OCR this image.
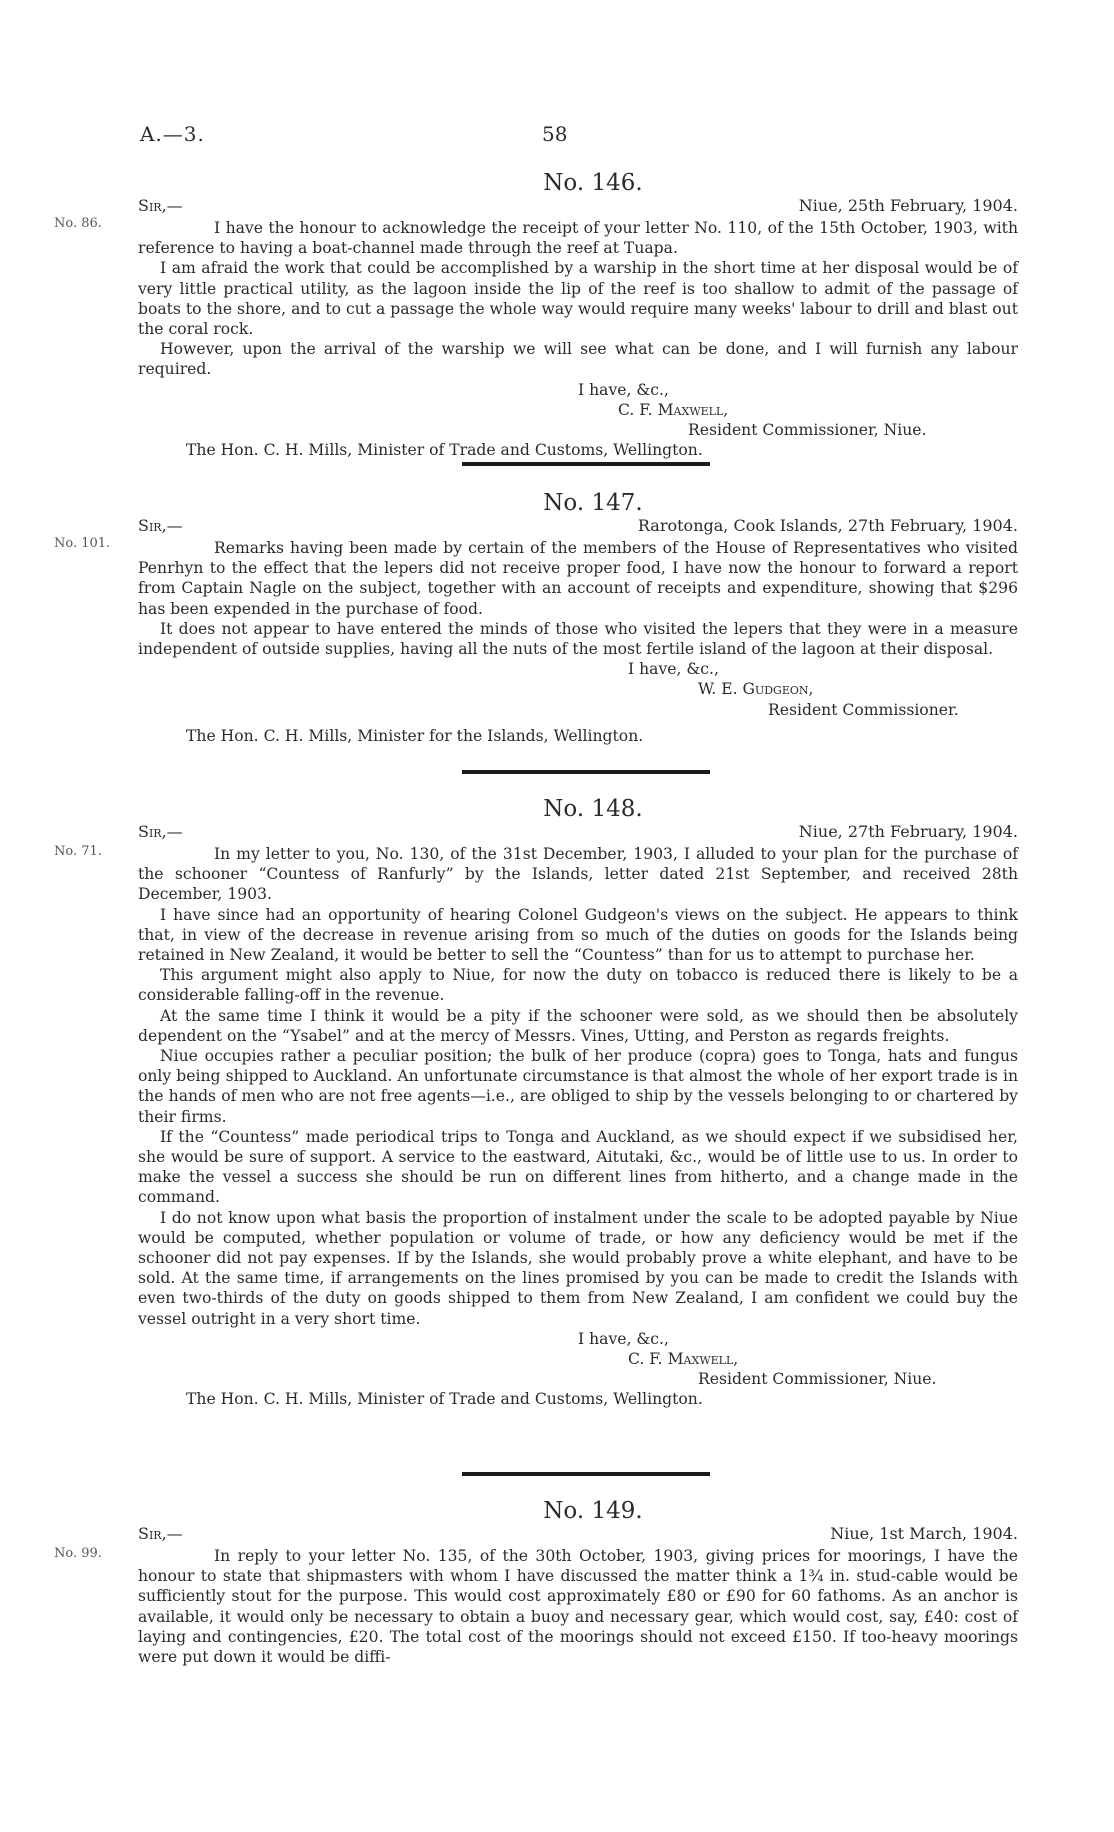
A.—3.	58
No. 146.
Sir,—	Niue, 25th February, 1904.
No. 86.	I have the honour to acknowledge the receipt of your letter No. 110, of the 15th October, 1903, with reference to having a boat-channel made through the reef at Tuapa.

I am afraid the work that could be accomplished by a warship in the short time at her disposal would be of very little practical utility, as the lagoon inside the lip of the reef is too shallow to admit of the passage of boats to the shore, and to cut a passage the whole way would require many weeks' labour to drill and blast out the coral rock.

However, upon the arrival of the warship we will see what can be done, and I will furnish any labour required.

I have, &c.,
C. F. Maxwell,
Resident Commissioner, Niue.
The Hon. C. H. Mills, Minister of Trade and Customs, Wellington.
No. 147.
Sir,—	Rarotonga, Cook Islands, 27th February, 1904.
No. 101.	Remarks having been made by certain of the members of the House of Representatives who visited Penrhyn to the effect that the lepers did not receive proper food, I have now the honour to forward a report from Captain Nagle on the subject, together with an account of receipts and expenditure, showing that $296 has been expended in the purchase of food.

It does not appear to have entered the minds of those who visited the lepers that they were in a measure independent of outside supplies, having all the nuts of the most fertile island of the lagoon at their disposal.

I have, &c.,
W. E. Gudgeon,
Resident Commissioner.
The Hon. C. H. Mills, Minister for the Islands, Wellington.
No. 148.
Sir,—	Niue, 27th February, 1904.
No. 71.	In my letter to you, No. 130, of the 31st December, 1903, I alluded to your plan for the purchase of the schooner “Countess of Ranfurly” by the Islands, letter dated 21st September, and received 28th December, 1903.

I have since had an opportunity of hearing Colonel Gudgeon's views on the subject. He appears to think that, in view of the decrease in revenue arising from so much of the duties on goods for the Islands being retained in New Zealand, it would be better to sell the “Countess” than for us to attempt to purchase her.

This argument might also apply to Niue, for now the duty on tobacco is reduced there is likely to be a considerable falling-off in the revenue.

At the same time I think it would be a pity if the schooner were sold, as we should then be absolutely dependent on the “Ysabel” and at the mercy of Messrs. Vines, Utting, and Perston as regards freights.

Niue occupies rather a peculiar position; the bulk of her produce (copra) goes to Tonga, hats and fungus only being shipped to Auckland. An unfortunate circumstance is that almost the whole of her export trade is in the hands of men who are not free agents—i.e., are obliged to ship by the vessels belonging to or chartered by their firms.

If the “Countess” made periodical trips to Tonga and Auckland, as we should expect if we subsidised her, she would be sure of support. A service to the eastward, Aitutaki, &c., would be of little use to us. In order to make the vessel a success she should be run on different lines from hitherto, and a change made in the command.

I do not know upon what basis the proportion of instalment under the scale to be adopted payable by Niue would be computed, whether population or volume of trade, or how any deficiency would be met if the schooner did not pay expenses. If by the Islands, she would probably prove a white elephant, and have to be sold. At the same time, if arrangements on the lines promised by you can be made to credit the Islands with even two-thirds of the duty on goods shipped to them from New Zealand, I am confident we could buy the vessel outright in a very short time.

I have, &c.,
C. F. Maxwell,
Resident Commissioner, Niue.
The Hon. C. H. Mills, Minister of Trade and Customs, Wellington.
No. 149.
Sir,—	Niue, 1st March, 1904.
No. 99.	In reply to your letter No. 135, of the 30th October, 1903, giving prices for moorings, I have the honour to state that shipmasters with whom I have discussed the matter think a 1¾ in. stud-cable would be sufficiently stout for the purpose. This would cost approximately £80 or £90 for 60 fathoms. As an anchor is available, it would only be necessary to obtain a buoy and necessary gear, which would cost, say, £40: cost of laying and contingencies, £20. The total cost of the moorings should not exceed £150. If too-heavy moorings were put down it would be diffi-
